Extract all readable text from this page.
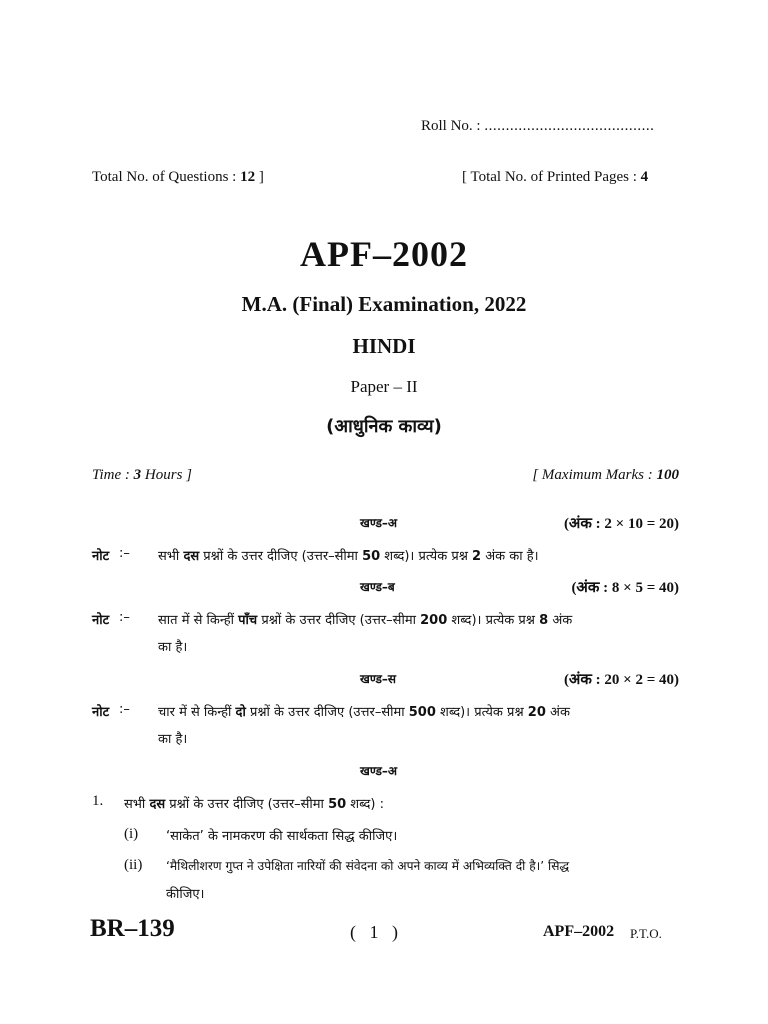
Roll No. : ........................................
Total No. of Questions : 12 ]	[ Total No. of Printed Pages : 4
APF–2002
M.A. (Final) Examination, 2022
HINDI
Paper – II
(आधुनिक काव्य)
Time : 3 Hours ]	[ Maximum Marks : 100
खण्ड–अ	(अंक : 2 × 10 = 20)
नोट :– सभी दस प्रश्नों के उत्तर दीजिए (उत्तर–सीमा 50 शब्द)। प्रत्येक प्रश्न 2 अंक का है।
खण्ड–ब	(अंक : 8 × 5 = 40)
नोट :– सात में से किन्हीं पाँच प्रश्नों के उत्तर दीजिए (उत्तर–सीमा 200 शब्द)। प्रत्येक प्रश्न 8 अंक
का है।
खण्ड–स	(अंक : 20 × 2 = 40)
नोट :– चार में से किन्हीं दो प्रश्नों के उत्तर दीजिए (उत्तर–सीमा 500 शब्द)। प्रत्येक प्रश्न 20 अंक
का है।
खण्ड–अ
1. सभी दस प्रश्नों के उत्तर दीजिए (उत्तर–सीमा 50 शब्द) :
(i) ‘साकेत’ के नामकरण की सार्थकता सिद्ध कीजिए।
(ii) ‘मैथिलीशरण गुप्त ने उपेक्षिता नारियों की संवेदना को अपने काव्य में अभिव्यक्ति दी है।’ सिद्ध
कीजिए।
BR–139	(   1   )	APF–2002 P.T.O.
